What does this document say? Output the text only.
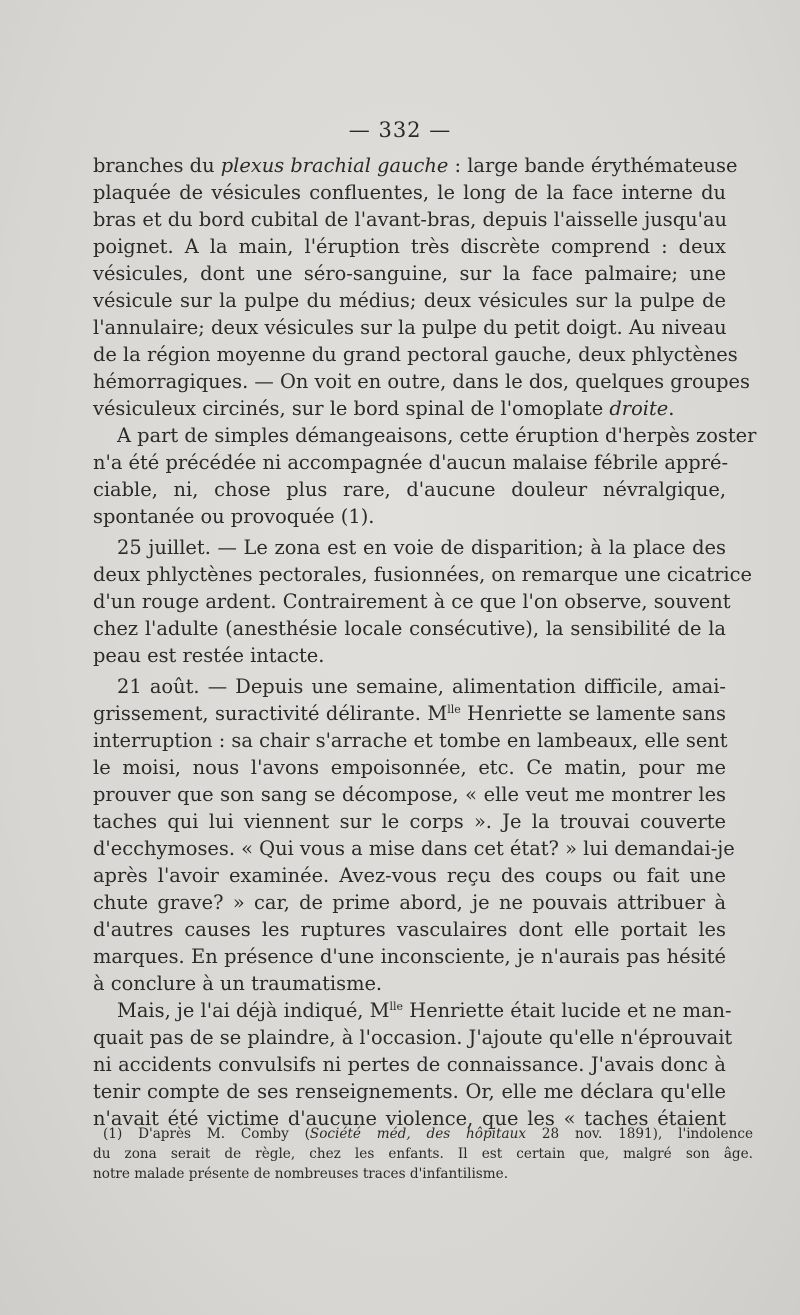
— 332 —
branches du plexus brachial gauche : large bande érythémateuse
plaquée de vésicules confluentes, le long de la face interne du
bras et du bord cubital de l'avant-bras, depuis l'aisselle jusqu'au
poignet. A la main, l'éruption très discrète comprend : deux
vésicules, dont une séro-sanguine, sur la face palmaire; une
vésicule sur la pulpe du médius; deux vésicules sur la pulpe de
l'annulaire; deux vésicules sur la pulpe du petit doigt. Au niveau
de la région moyenne du grand pectoral gauche, deux phlyctènes
hémorragiques. — On voit en outre, dans le dos, quelques groupes
vésiculeux circinés, sur le bord spinal de l'omoplate droite.
A part de simples démangeaisons, cette éruption d'herpès zoster
n'a été précédée ni accompagnée d'aucun malaise fébrile appré-
ciable, ni, chose plus rare, d'aucune douleur névralgique,
spontanée ou provoquée (1).
25 juillet. — Le zona est en voie de disparition; à la place des
deux phlyctènes pectorales, fusionnées, on remarque une cicatrice
d'un rouge ardent. Contrairement à ce que l'on observe, souvent
chez l'adulte (anesthésie locale consécutive), la sensibilité de la
peau est restée intacte.
21 août. — Depuis une semaine, alimentation difficile, amai-
grissement, suractivité délirante. $M^{lle}$ Henriette se lamente sans
interruption : sa chair s'arrache et tombe en lambeaux, elle sent
le moisi, nous l'avons empoisonnée, etc. Ce matin, pour me
prouver que son sang se décompose, « elle veut me montrer les
taches qui lui viennent sur le corps ». Je la trouvai couverte
d'ecchymoses. « Qui vous a mise dans cet état? » lui demandai-je
après l'avoir examinée. Avez-vous reçu des coups ou fait une
chute grave? » car, de prime abord, je ne pouvais attribuer à
d'autres causes les ruptures vasculaires dont elle portait les
marques. En présence d'une inconsciente, je n'aurais pas hésité
à conclure à un traumatisme.
Mais, je l'ai déjà indiqué, $M^{lle}$ Henriette était lucide et ne man-
quait pas de se plaindre, à l'occasion. J'ajoute qu'elle n'éprouvait
ni accidents convulsifs ni pertes de connaissance. J'avais donc à
tenir compte de ses renseignements. Or, elle me déclara qu'elle
n'avait été victime d'aucune violence, que les « taches étaient
(1) D'après M. Comby (Société méd, des hôpitaux 28 nov. 1891), l'indolence
du zona serait de règle, chez les enfants. Il est certain que, malgré son âge.
notre malade présente de nombreuses traces d'infantilisme.
